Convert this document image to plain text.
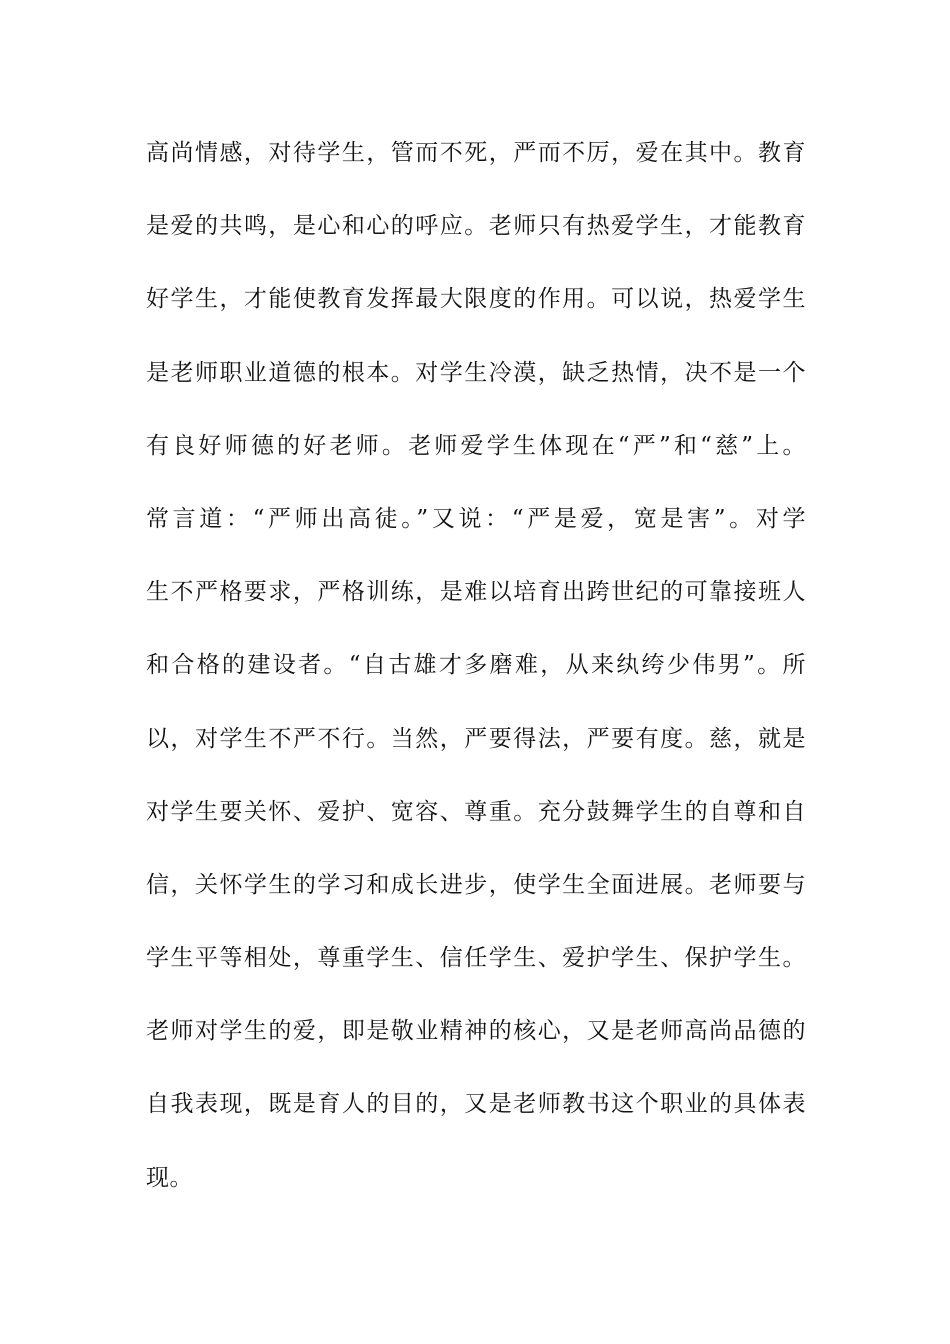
高尚情感，对待学生，管而不死，严而不厉，爱在其中。教育
是爱的共鸣，是心和心的呼应。老师只有热爱学生，才能教育
好学生，才能使教育发挥最大限度的作用。可以说，热爱学生
是老师职业道德的根本。对学生冷漠，缺乏热情，决不是一个
有良好师德的好老师。老师爱学生体现在“严”和“慈”上。
常言道：“严师出高徒。”又说：“严是爱，宽是害”。对学
生不严格要求，严格训练，是难以培育出跨世纪的可靠接班人
和合格的建设者。“自古雄才多磨难，从来纨绔少伟男”。所
以，对学生不严不行。当然，严要得法，严要有度。慈，就是
对学生要关怀、爱护、宽容、尊重。充分鼓舞学生的自尊和自
信，关怀学生的学习和成长进步，使学生全面进展。老师要与
学生平等相处，尊重学生、信任学生、爱护学生、保护学生。
老师对学生的爱，即是敬业精神的核心，又是老师高尚品德的
自我表现，既是育人的目的，又是老师教书这个职业的具体表
现。
